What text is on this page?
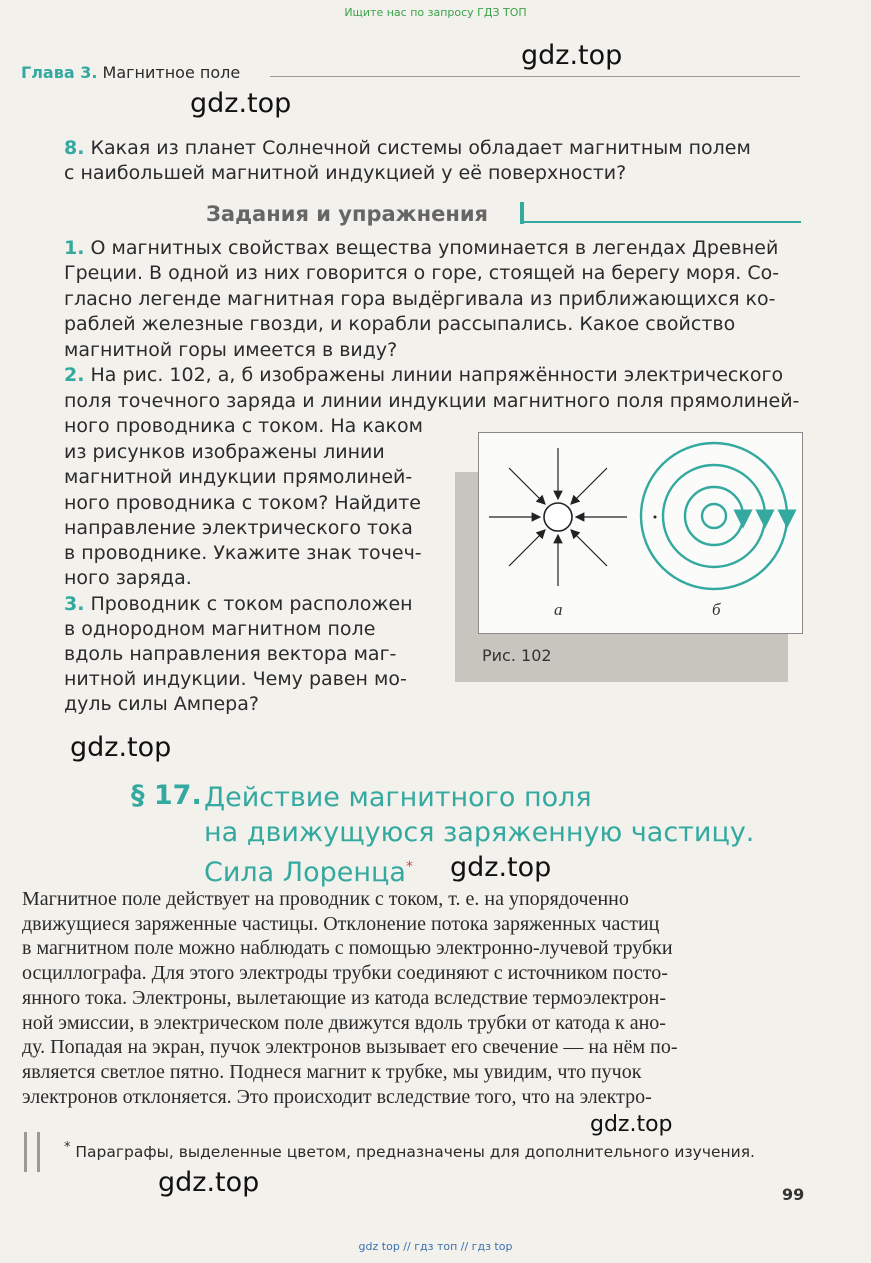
Ищите нас по запросу ГДЗ ТОП
Глава 3. Магнитное поле
gdz.top
gdz.top
8. Какая из планет Солнечной системы обладает магнитным полем
с наибольшей магнитной индукцией у её поверхности?
Задания и упражнения
1. О магнитных свойствах вещества упоминается в легендах Древней
Греции. В одной из них говорится о горе, стоящей на берегу моря. Со-
гласно легенде магнитная гора выдёргивала из приближающихся ко-
раблей железные гвозди, и корабли рассыпались. Какое свойство
магнитной горы имеется в виду?
2. На рис. 102, а, б изображены линии напряжённости электрического
поля точечного заряда и линии индукции магнитного поля прямолиней-
ного проводника с током. На каком
из рисунков изображены линии
магнитной индукции прямолиней-
ного проводника с током? Найдите
направление электрического тока
в проводнике. Укажите знак точеч-
ного заряда.
3. Проводник с током расположен
в однородном магнитном поле
вдоль направления вектора маг-
нитной индукции. Чему равен мо-
дуль силы Ампера?
а	б
Рис. 102
gdz.top
§ 17. Действие магнитного поля
на движущуюся заряженную частицу.
Сила Лоренца*	gdz.top
Магнитное поле действует на проводник с током, т. е. на упорядоченно
движущиеся заряженные частицы. Отклонение потока заряженных частиц
в магнитном поле можно наблюдать с помощью электронно-лучевой трубки
осциллографа. Для этого электроды трубки соединяют с источником посто-
янного тока. Электроны, вылетающие из катода вследствие термоэлектрон-
ной эмиссии, в электрическом поле движутся вдоль трубки от катода к ано-
ду. Попадая на экран, пучок электронов вызывает его свечение — на нём по-
является светлое пятно. Поднеся магнит к трубке, мы увидим, что пучок
электронов отклоняется. Это происходит вследствие того, что на электро-
gdz.top
* Параграфы, выделенные цветом, предназначены для дополнительного изучения.
gdz.top	99
gdz top // гдз топ // гдз top
